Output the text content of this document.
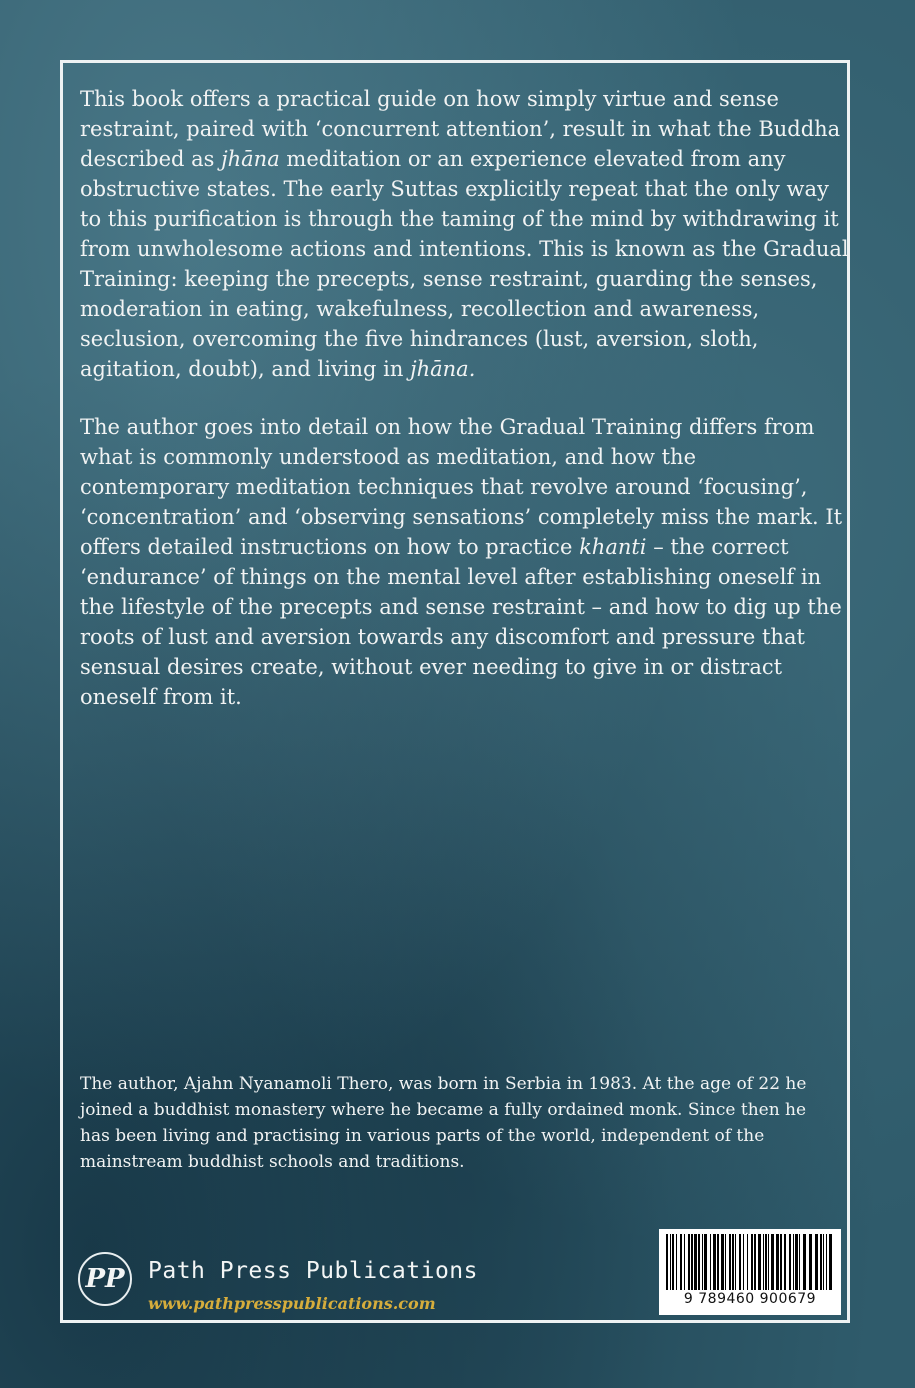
This book offers a practical guide on how simply virtue and sense restraint, paired with ‘concurrent attention’, result in what the Buddha described as jhāna meditation or an experience elevated from any obstructive states. The early Suttas explicitly repeat that the only way to this purification is through the taming of the mind by withdrawing it from unwholesome actions and intentions. This is known as the Gradual Training: keeping the precepts, sense restraint, guarding the senses, moderation in eating, wakefulness, recollection and awareness, seclusion, overcoming the five hindrances (lust, aversion, sloth, agitation, doubt), and living in jhāna.

The author goes into detail on how the Gradual Training differs from what is commonly understood as meditation, and how the contemporary meditation techniques that revolve around ‘focusing’, ‘concentration’ and ‘observing sensations’ completely miss the mark. It offers detailed instructions on how to practice khanti – the correct ‘endurance’ of things on the mental level after establishing oneself in the lifestyle of the precepts and sense restraint – and how to dig up the roots of lust and aversion towards any discomfort and pressure that sensual desires create, without ever needing to give in or distract oneself from it.

The author, Ajahn Nyanamoli Thero, was born in Serbia in 1983. At the age of 22 he joined a buddhist monastery where he became a fully ordained monk. Since then he has been living and practising in various parts of the world, independent of the mainstream buddhist schools and traditions.

PP	Path Press Publications
www.pathpresspublications.com	9 789460 900679
